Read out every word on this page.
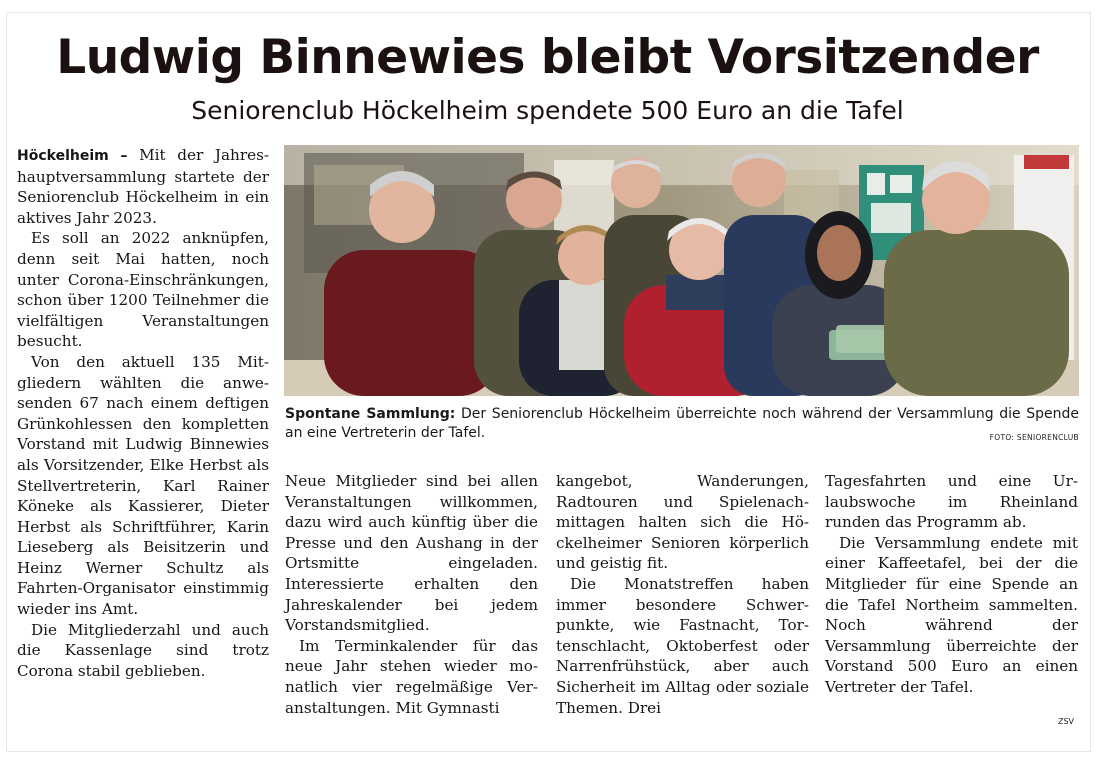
Ludwig Binnewies bleibt Vorsitzender
Seniorenclub Höckelheim spendete 500 Euro an die Tafel

Höckelheim – Mit der Jahreshauptversammlung startete der Seniorenclub Höckelheim in ein aktives Jahr 2023.

Es soll an 2022 anknüpfen, denn seit Mai hatten, noch unter Corona-Einschränkungen, schon über 1200 Teilnehmer die vielfältigen Veranstaltungen besucht.

Von den aktuell 135 Mitgliedern wählten die anwesenden 67 nach einem deftigen Grünkohlessen den kompletten Vorstand mit Ludwig Binnewies als Vorsitzender, Elke Herbst als Stellvertreterin, Karl Rainer Köneke als Kassierer, Dieter Herbst als Schriftführer, Karin Lieseberg als Beisitzerin und Heinz Werner Schultz als Fahrten-Organisator einstimmig wieder ins Amt.

Die Mitgliederzahl und auch die Kassenlage sind trotz Corona stabil geblieben.

Spontane Sammlung: Der Seniorenclub Höckelheim überreichte noch während der Versammlung die Spende an eine Vertreterin der Tafel.	FOTO: SENIORENCLUB

Neue Mitglieder sind bei allen Veranstaltungen willkommen, dazu wird auch künftig über die Presse und den Aushang in der Ortsmitte eingeladen. Interessierte erhalten den Jahreskalender bei jedem Vorstandsmitglied.

Im Terminkalender für das neue Jahr stehen wieder monatlich vier regelmäßige Veranstaltungen. Mit Gymnasti

kangebot, Wanderungen, Radtouren und Spielenachmittagen halten sich die Höckelheimer Senioren körperlich und geistig fit.

Die Monatstreffen haben immer besondere Schwerpunkte, wie Fastnacht, Tortenschlacht, Oktoberfest oder Narrenfrühstück, aber auch Sicherheit im Alltag oder soziale Themen. Drei

Tagesfahrten und eine Urlaubswoche im Rheinland runden das Programm ab.

Die Versammlung endete mit einer Kaffeetafel, bei der die Mitglieder für eine Spende an die Tafel Northeim sammelten. Noch während der Versammlung überreichte der Vorstand 500 Euro an einen Vertreter der Tafel.

ZSV
